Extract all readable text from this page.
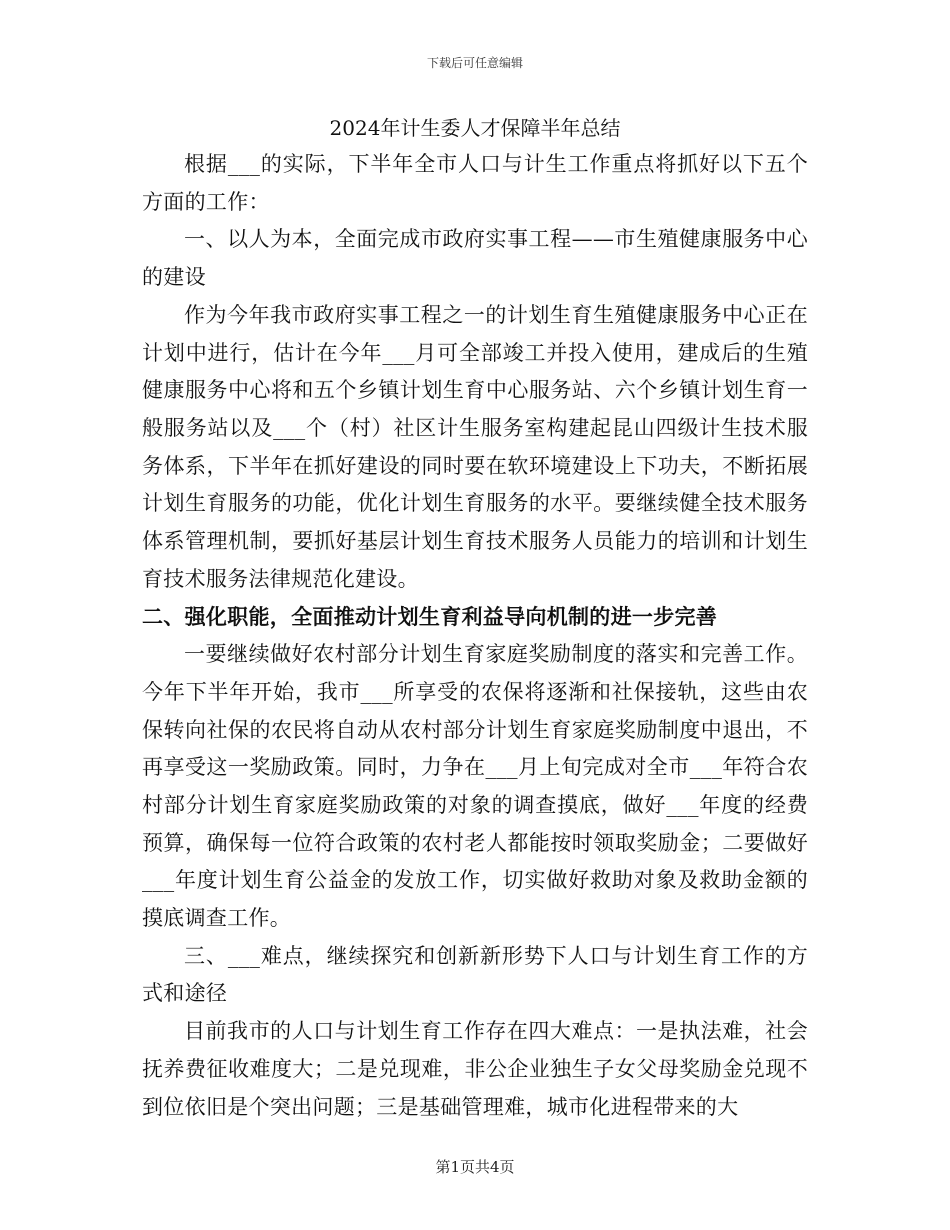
下载后可任意编辑
2024年计生委人才保障半年总结

根据___的实际，下半年全市人口与计生工作重点将抓好以下五个方面的工作：

一、以人为本，全面完成市政府实事工程——市生殖健康服务中心的建设

作为今年我市政府实事工程之一的计划生育生殖健康服务中心正在计划中进行，估计在今年___月可全部竣工并投入使用，建成后的生殖健康服务中心将和五个乡镇计划生育中心服务站、六个乡镇计划生育一般服务站以及___个（村）社区计生服务室构建起昆山四级计生技术服务体系，下半年在抓好建设的同时要在软环境建设上下功夫，不断拓展计划生育服务的功能，优化计划生育服务的水平。要继续健全技术服务体系管理机制，要抓好基层计划生育技术服务人员能力的培训和计划生育技术服务法律规范化建设。

二、强化职能，全面推动计划生育利益导向机制的进一步完善

一要继续做好农村部分计划生育家庭奖励制度的落实和完善工作。今年下半年开始，我市___所享受的农保将逐渐和社保接轨，这些由农保转向社保的农民将自动从农村部分计划生育家庭奖励制度中退出，不再享受这一奖励政策。同时，力争在___月上旬完成对全市___年符合农村部分计划生育家庭奖励政策的对象的调查摸底，做好___年度的经费预算，确保每一位符合政策的农村老人都能按时领取奖励金；二要做好___年度计划生育公益金的发放工作，切实做好救助对象及救助金额的摸底调查工作。

三、___难点，继续探究和创新新形势下人口与计划生育工作的方式和途径

目前我市的人口与计划生育工作存在四大难点：一是执法难，社会抚养费征收难度大；二是兑现难，非公企业独生子女父母奖励金兑现不到位依旧是个突出问题；三是基础管理难，城市化进程带来的大

第1页共4页
